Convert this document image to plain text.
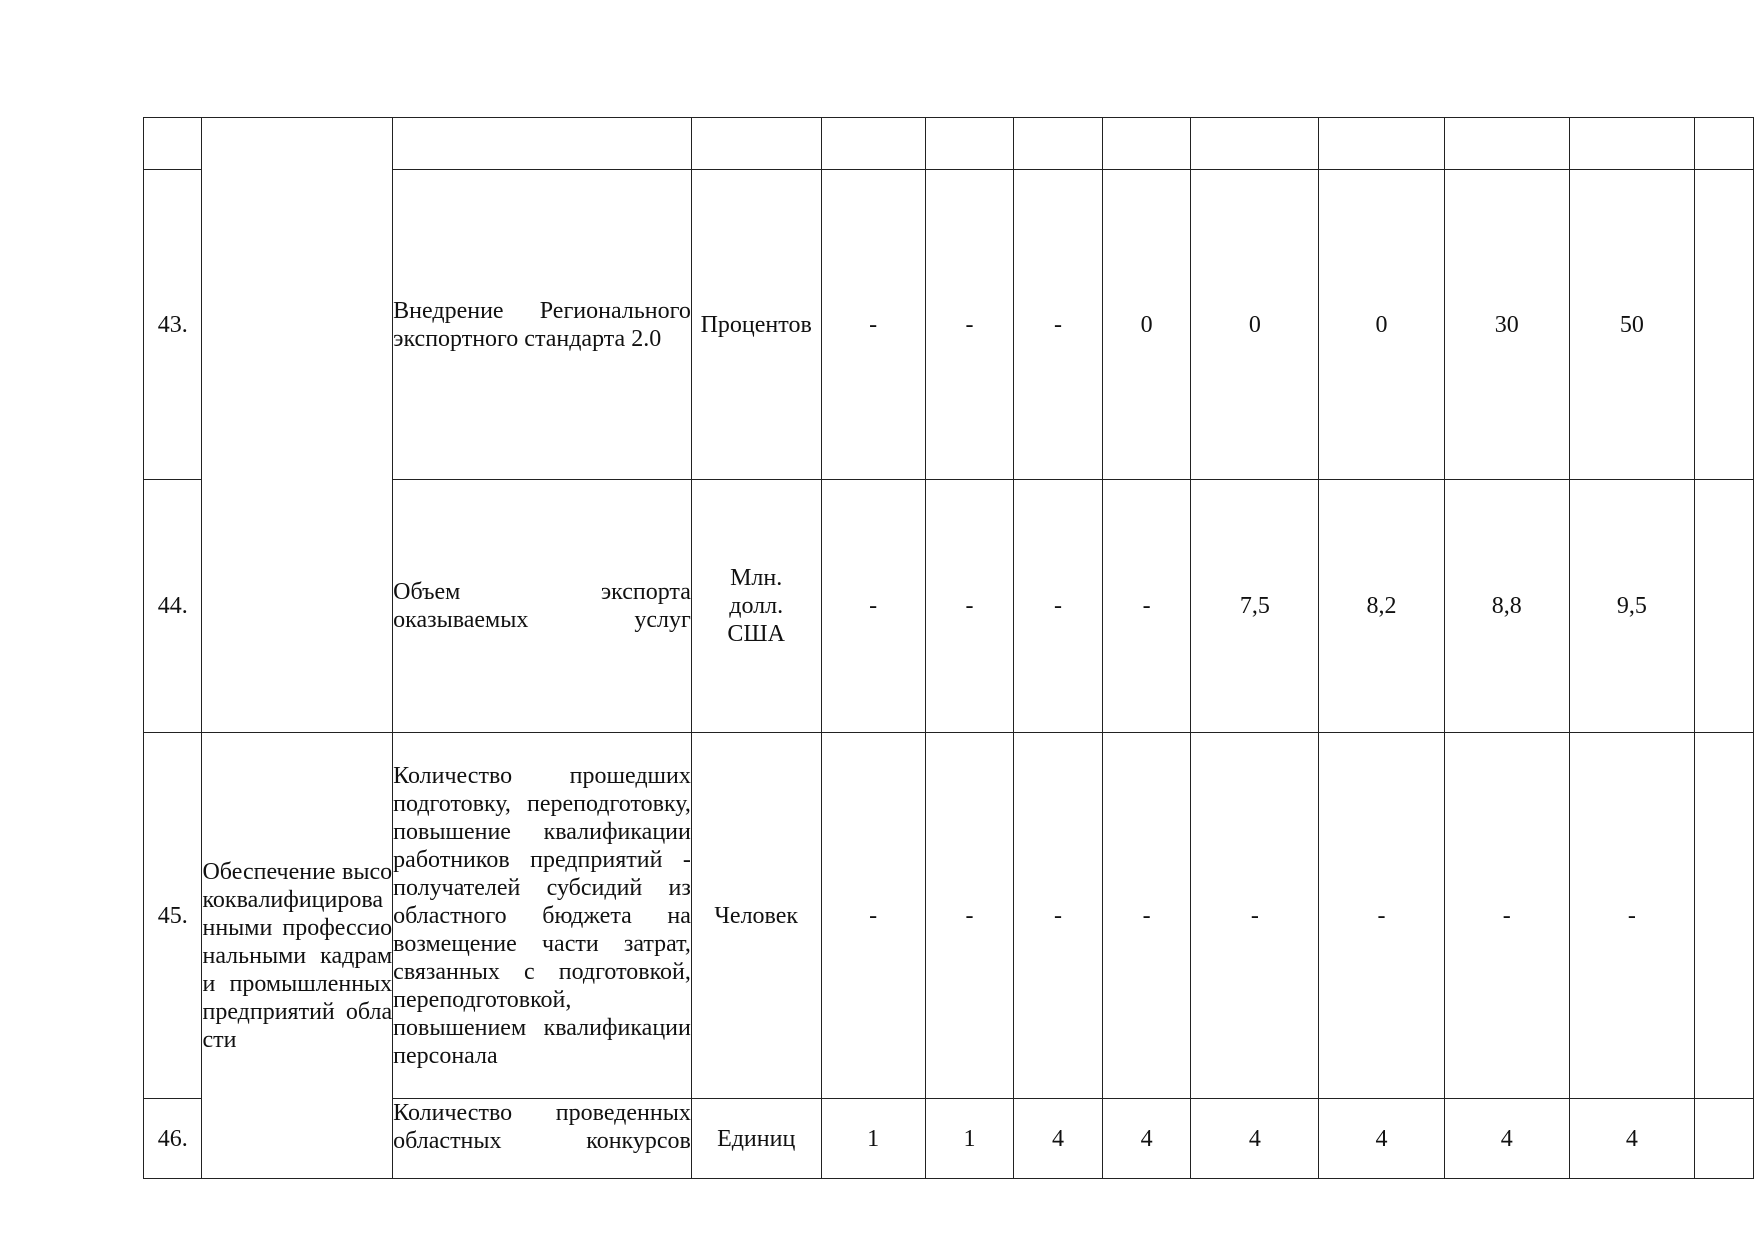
43.		Внедрение Регионального экспортного стандарта 2.0	Процентов	-	-	-	0	0	0	30	50	
44.		Объем экспорта оказываемых услуг	Млн. долл. США	-	-	-	-	7,5	8,2	8,8	9,5	
45.	Обеспечение высококвалифицированными профессиональными кадрами промышленных предприятий области	Количество прошедших подготовку, переподготовку, повышение квалификации работников предприятий - получателей субсидий из областного бюджета на возмещение части затрат, связанных с подготовкой, переподготовкой, повышением квалификации персонала	Человек	-	-	-	-	-	-	-	-	
46.		Количество проведенных областных конкурсов	Единиц	1	1	4	4	4	4	4	4	
